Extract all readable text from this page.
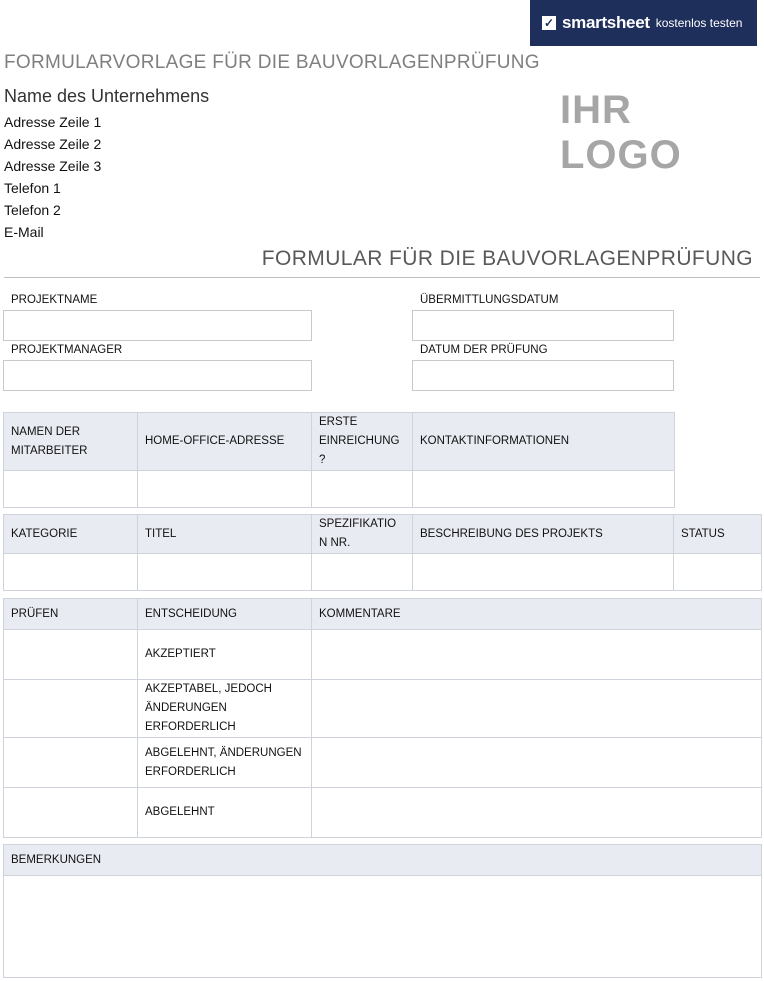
✓ smartsheet kostenlos testen
FORMULARVORLAGE FÜR DIE BAUVORLAGENPRÜFUNG
Name des Unternehmens
Adresse Zeile 1
Adresse Zeile 2
Adresse Zeile 3
Telefon 1
Telefon 2
E-Mail
IHR LOGO
FORMULAR FÜR DIE BAUVORLAGENPRÜFUNG
PROJEKTNAME	ÜBERMITTLUNGSDATUM
PROJEKTMANAGER	DATUM DER PRÜFUNG
NAMEN DER MITARBEITER	HOME-OFFICE-ADRESSE	ERSTE EINREICHUNG ?	KONTAKTINFORMATIONEN

KATEGORIE	TITEL	SPEZIFIKATIO N NR.	BESCHREIBUNG DES PROJEKTS	STATUS

PRÜFEN	ENTSCHEIDUNG	KOMMENTARE
	AKZEPTIERT	
	AKZEPTABEL, JEDOCH ÄNDERUNGEN ERFORDERLICH	
	ABGELEHNT, ÄNDERUNGEN ERFORDERLICH	
	ABGELEHNT	
BEMERKUNGEN
